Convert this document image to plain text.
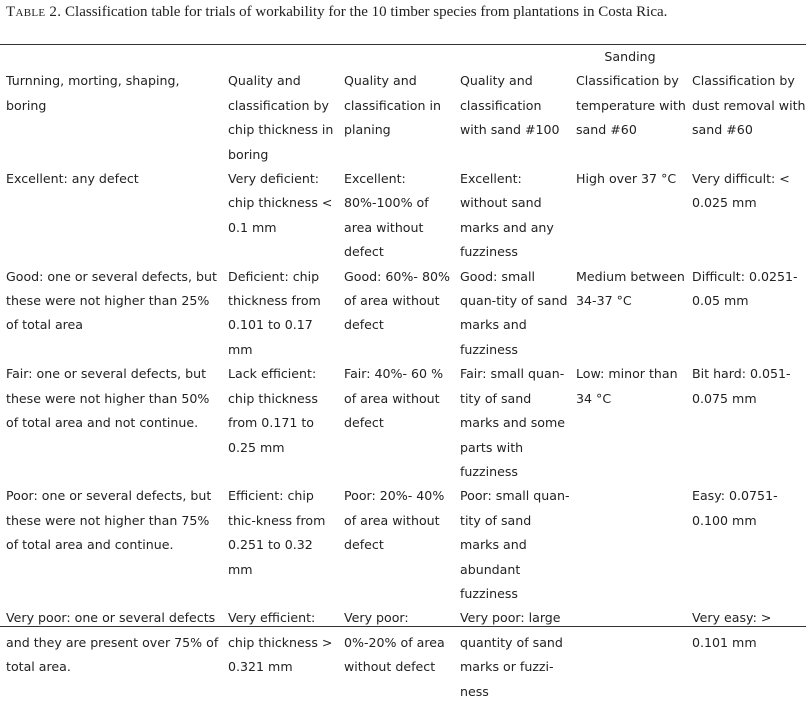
Table 2. Classification table for trials of workability for the 10 timber species from plantations in Costa Rica.
			Sanding		
Turnning, morting, shaping, boring	Quality and classification by chip thickness in boring	Quality and classification in planing	Quality and classification with sand #100	Classification by temperature with sand #60	Classification by dust removal with sand #60
Excellent: any defect	Very deficient: chip thickness < 0.1 mm	Excellent: 80%-100% of area without defect	Excellent: without sand marks and any fuzziness	High over 37 °C	Very difficult: < 0.025 mm
Good: one or several defects, but these were not higher than 25% of total area	Deficient: chip thickness from 0.101 to 0.17 mm	Good: 60%- 80% of area without defect	Good: small quan-tity of sand marks and fuzziness	Medium between 34-37 °C	Difficult: 0.0251-0.05 mm
Fair: one or several defects, but these were not higher than 50% of total area and not continue.	Lack efficient: chip thickness from 0.171 to 0.25 mm	Fair: 40%- 60 % of area without defect	Fair: small quan-tity of sand marks and some parts with fuzziness	Low: minor than 34 °C	Bit hard: 0.051-0.075 mm
Poor: one or several defects, but these were not higher than 75% of total area and continue.	Efficient: chip thic-kness from 0.251 to 0.32 mm	Poor: 20%- 40% of area without defect	Poor: small quan-tity of sand marks and abundant fuzziness		Easy: 0.0751-0.100 mm
Very poor: one or several defects and they are present over 75% of total area.	Very efficient: chip thickness > 0.321 mm	Very poor: 0%-20% of area without defect	Very poor: large quantity of sand marks or fuzzi-ness		Very easy: > 0.101 mm
